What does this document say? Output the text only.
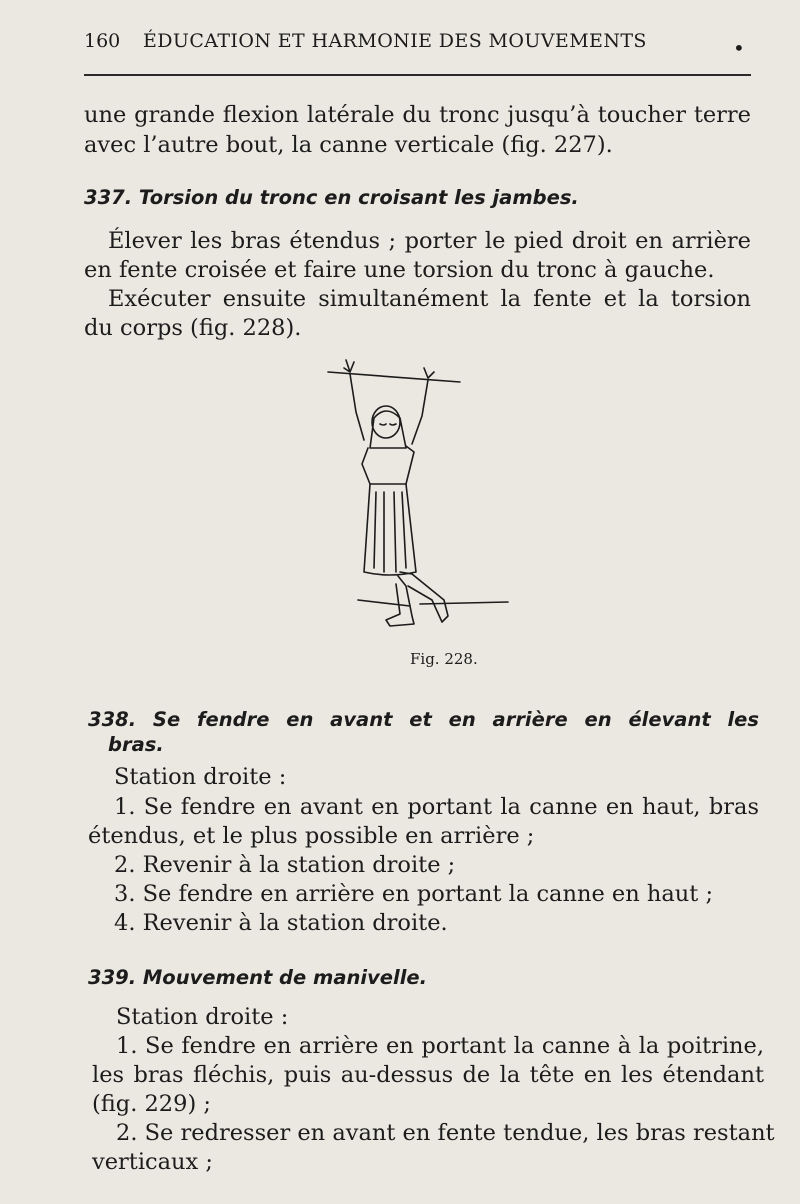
160 ÉDUCATION ET HARMONIE DES MOUVEMENTS	•
une grande flexion latérale du tronc jusqu’à toucher terre
avec l’autre bout, la canne verticale (fig. 227).
337. Torsion du tronc en croisant les jambes.
Élever les bras étendus ; porter le pied droit en arrière
en fente croisée et faire une torsion du tronc à gauche.
Exécuter ensuite simultanément la fente et la torsion
du corps (fig. 228).
Fig. 228.
338. Se fendre en avant et en arrière en élevant les
bras.
Station droite :
1. Se fendre en avant en portant la canne en haut, bras
étendus, et le plus possible en arrière ;
2. Revenir à la station droite ;
3. Se fendre en arrière en portant la canne en haut ;
4. Revenir à la station droite.
339. Mouvement de manivelle.
Station droite :
1. Se fendre en arrière en portant la canne à la poitrine,
les bras fléchis, puis au-dessus de la tête en les étendant
(fig. 229) ;
2. Se redresser en avant en fente tendue, les bras restant
verticaux ;
